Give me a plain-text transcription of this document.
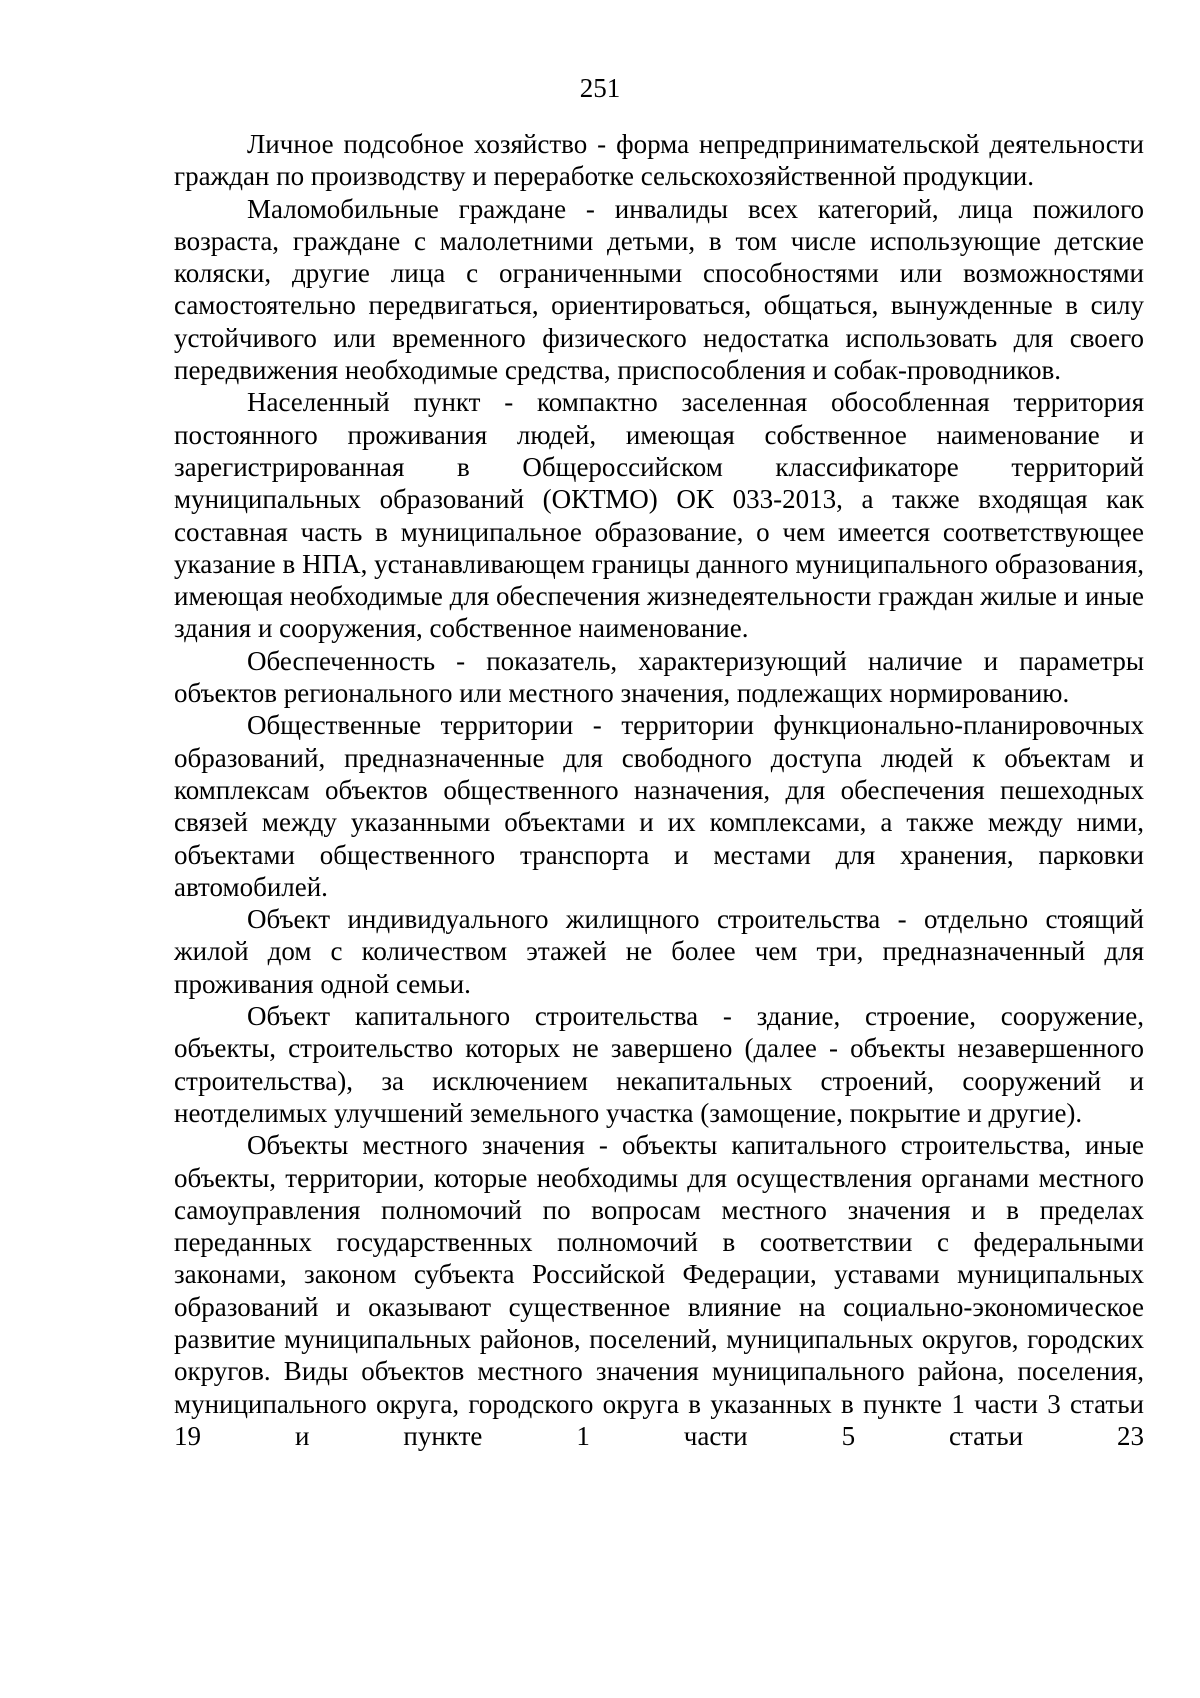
251

Личное подсобное хозяйство - форма непредпринимательской деятельности граждан по производству и переработке сельскохозяйственной продукции.

Маломобильные граждане - инвалиды всех категорий, лица пожилого возраста, граждане с малолетними детьми, в том числе использующие детские коляски, другие лица с ограниченными способностями или возможностями самостоятельно передвигаться, ориентироваться, общаться, вынужденные в силу устойчивого или временного физического недостатка использовать для своего передвижения необходимые средства, приспособления и собак-проводников.

Населенный пункт - компактно заселенная обособленная территория постоянного проживания людей, имеющая собственное наименование и зарегистрированная в Общероссийском классификаторе территорий муниципальных образований (ОКТМО) ОК 033-2013, а также входящая как составная часть в муниципальное образование, о чем имеется соответствующее указание в НПА, устанавливающем границы данного муниципального образования, имеющая необходимые для обеспечения жизнедеятельности граждан жилые и иные здания и сооружения, собственное наименование.

Обеспеченность - показатель, характеризующий наличие и параметры объектов регионального или местного значения, подлежащих нормированию.

Общественные территории - территории функционально-планировочных образований, предназначенные для свободного доступа людей к объектам и комплексам объектов общественного назначения, для обеспечения пешеходных связей между указанными объектами и их комплексами, а также между ними, объектами общественного транспорта и местами для хранения, парковки автомобилей.

Объект индивидуального жилищного строительства - отдельно стоящий жилой дом с количеством этажей не более чем три, предназначенный для проживания одной семьи.

Объект капитального строительства - здание, строение, сооружение, объекты, строительство которых не завершено (далее - объекты незавершенного строительства), за исключением некапитальных строений, сооружений и неотделимых улучшений земельного участка (замощение, покрытие и другие).

Объекты местного значения - объекты капитального строительства, иные объекты, территории, которые необходимы для осуществления органами местного самоуправления полномочий по вопросам местного значения и в пределах переданных государственных полномочий в соответствии с федеральными законами, законом субъекта Российской Федерации, уставами муниципальных образований и оказывают существенное влияние на социально-экономическое развитие муниципальных районов, поселений, муниципальных округов, городских округов. Виды объектов местного значения муниципального района, поселения, муниципального округа, городского округа в указанных в пункте 1 части 3 статьи 19 и пункте 1 части 5 статьи 23
